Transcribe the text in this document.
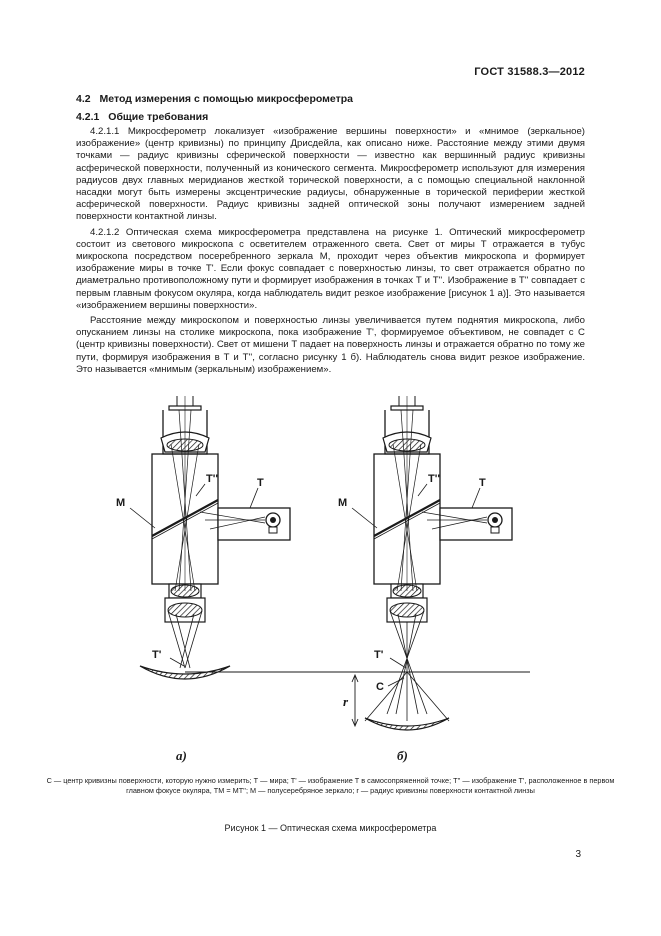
ГОСТ 31588.3—2012
4.2 Метод измерения с помощью микросферометра
4.2.1 Общие требования

4.2.1.1 Микросферометр локализует «изображение вершины поверхности» и «мнимое (зеркальное) изображение» (центр кривизны) по принципу Дрисдейла, как описано ниже. Расстояние между этими двумя точками — радиус кривизны сферической поверхности — известно как вершинный радиус кривизны асферической поверхности, полученный из конического сегмента. Микросферометр используют для измерения радиусов двух главных меридианов жесткой торической поверхности, а с помощью специальной наклонной насадки могут быть измерены эксцентрические радиусы, обнаруженные в торической периферии жесткой асферической поверхности. Радиус кривизны задней оптической зоны получают измерением задней поверхности контактной линзы.

4.2.1.2 Оптическая схема микросферометра представлена на рисунке 1. Оптический микросферометр состоит из светового микроскопа с осветителем отраженного света. Свет от миры Т отражается в тубус микроскопа посредством посеребренного зеркала М, проходит через объектив микроскопа и формирует изображение миры в точке Т'. Если фокус совпадает с поверхностью линзы, то свет отражается обратно по диаметрально противоположному пути и формирует изображения в точках Т и Т''. Изображение в Т'' совпадает с первым главным фокусом окуляра, когда наблюдатель видит резкое изображение [рисунок 1 а)]. Это называется «изображением вершины поверхности».

Расстояние между микроскопом и поверхностью линзы увеличивается путем поднятия микроскопа, либо опусканием линзы на столике микроскопа, пока изображение Т', формируемое объективом, не совпадет с С (центр кривизны поверхности). Свет от мишени Т падает на поверхность линзы и отражается обратно по тому же пути, формируя изображения в Т и Т'', согласно рисунку 1 б). Наблюдатель снова видит резкое изображение. Это называется «мнимым (зеркальным) изображением».

Т''	Т
М
Т'
Т''	Т
М
Т'
С
r
а)	б)
С — центр кривизны поверхности, которую нужно измерить; Т — мира; Т' — изображение Т в самосопряженной точке; Т'' — изображение Т', расположенное в первом главном фокусе окуляра, ТМ = МТ''; М — полусеребряное зеркало; r — радиус кривизны поверхности контактной линзы
Рисунок 1 — Оптическая схема микросферометра
3
